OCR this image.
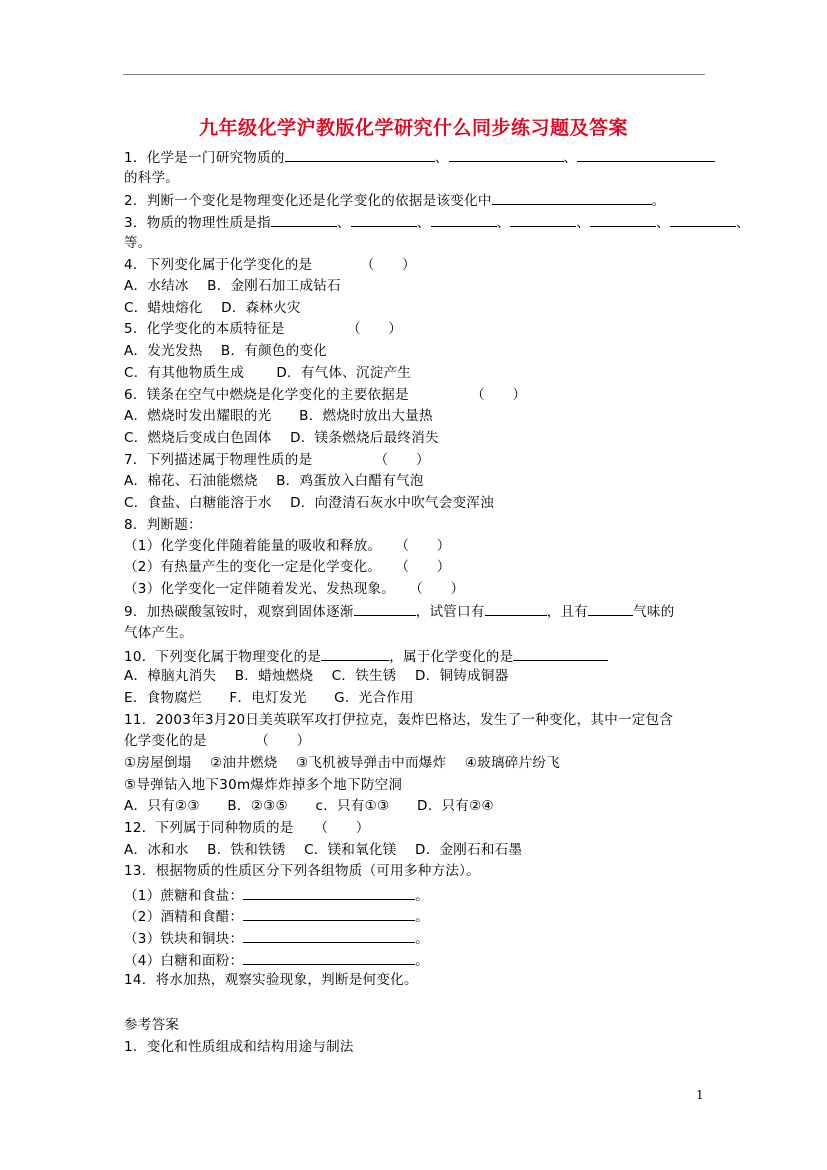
九年级化学沪教版化学研究什么同步练习题及答案
1．化学是一门研究物质的	、	、
的科学。
2．判断一个变化是物理变化还是化学变化的依据是该变化中	。
3．物质的物理性质是指	、	、	、	、	、	、
等。
4．下列变化属于化学变化的是　　　　（　　）
A．水结冰　 B．金刚石加工成钻石
C．蜡烛熔化　 D．森林火灾
5．化学变化的本质特征是　　　　　（　　）
A．发光发热　 B．有颜色的变化
C．有其他物质生成　　 D．有气体、沉淀产生
6．镁条在空气中燃烧是化学变化的主要依据是　　　　　（　　）
A．燃烧时发出耀眼的光　　B．燃烧时放出大量热
C．燃烧后变成白色固体　 D．镁条燃烧后最终消失
7．下列描述属于物理性质的是　　　　　（　　）
A．棉花、石油能燃烧　 B．鸡蛋放入白醋有气泡
C．食盐、白糖能溶于水　 D．向澄清石灰水中吹气会变浑浊
8．判断题：
（1）化学变化伴随着能量的吸收和释放。　　（　　）
（2）有热量产生的变化一定是化学变化。　　（　　）
（3）化学变化一定伴随着发光、发热现象。　　（　　）
9．加热碳酸氢铵时，观察到固体逐渐	，试管口有	，且有	气味的
气体产生。
10．下列变化属于物理变化的是	，属于化学变化的是
A．樟脑丸消失　 B．蜡烛燃烧　 C．铁生锈　 D．铜铸成铜器
E．食物腐烂　　F．电灯发光　　G．光合作用
11．2003年3月20日美英联军攻打伊拉克，轰炸巴格达，发生了一种变化，其中一定包含
化学变化的是　　　　（　　）
①房屋倒塌　 ②油井燃烧　 ③飞机被导弹击中而爆炸　 ④玻璃碎片纷飞
⑤导弹钻入地下30m爆炸炸掉多个地下防空洞
A．只有②③　　B．②③⑤　　c．只有①③　　D．只有②④
12．下列属于同种物质的是　　（　　）
A．冰和水　 B．铁和铁锈　 C．镁和氧化镁　 D．金刚石和石墨
13．根据物质的性质区分下列各组物质（可用多种方法）。
（1）蔗糖和食盐：	。
（2）酒精和食醋：	。
（3）铁块和铜块：	。
（4）白糖和面粉：	。
14．将水加热，观察实验现象，判断是何变化。
参考答案
1．变化和性质组成和结构用途与制法
1
